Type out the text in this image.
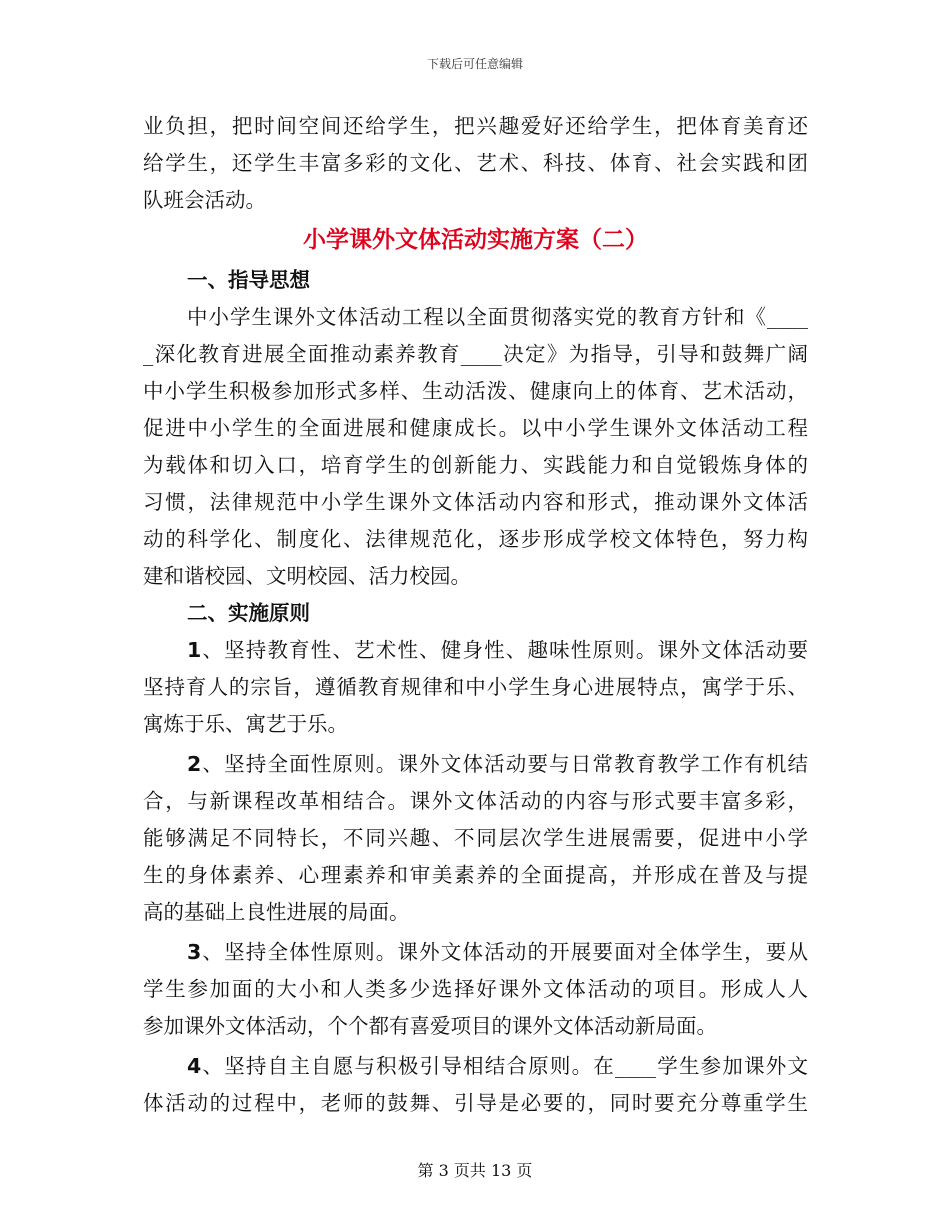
下载后可任意编辑
业负担，把时间空间还给学生，把兴趣爱好还给学生，把体育美育还
给学生，还学生丰富多彩的文化、艺术、科技、体育、社会实践和团
队班会活动。
小学课外文体活动实施方案（二）
一、指导思想
中小学生课外文体活动工程以全面贯彻落实党的教育方针和《____
_深化教育进展全面推动素养教育____决定》为指导，引导和鼓舞广阔
中小学生积极参加形式多样、生动活泼、健康向上的体育、艺术活动，
促进中小学生的全面进展和健康成长。以中小学生课外文体活动工程
为载体和切入口，培育学生的创新能力、实践能力和自觉锻炼身体的
习惯，法律规范中小学生课外文体活动内容和形式，推动课外文体活
动的科学化、制度化、法律规范化，逐步形成学校文体特色，努力构
建和谐校园、文明校园、活力校园。
二、实施原则
1、坚持教育性、艺术性、健身性、趣味性原则。课外文体活动要
坚持育人的宗旨，遵循教育规律和中小学生身心进展特点，寓学于乐、
寓炼于乐、寓艺于乐。
2、坚持全面性原则。课外文体活动要与日常教育教学工作有机结
合，与新课程改革相结合。课外文体活动的内容与形式要丰富多彩，
能够满足不同特长，不同兴趣、不同层次学生进展需要，促进中小学
生的身体素养、心理素养和审美素养的全面提高，并形成在普及与提
高的基础上良性进展的局面。
3、坚持全体性原则。课外文体活动的开展要面对全体学生，要从
学生参加面的大小和人类多少选择好课外文体活动的项目。形成人人
参加课外文体活动，个个都有喜爱项目的课外文体活动新局面。
4、坚持自主自愿与积极引导相结合原则。在____学生参加课外文
体活动的过程中，老师的鼓舞、引导是必要的，同时要充分尊重学生
第 3 页共 13 页
